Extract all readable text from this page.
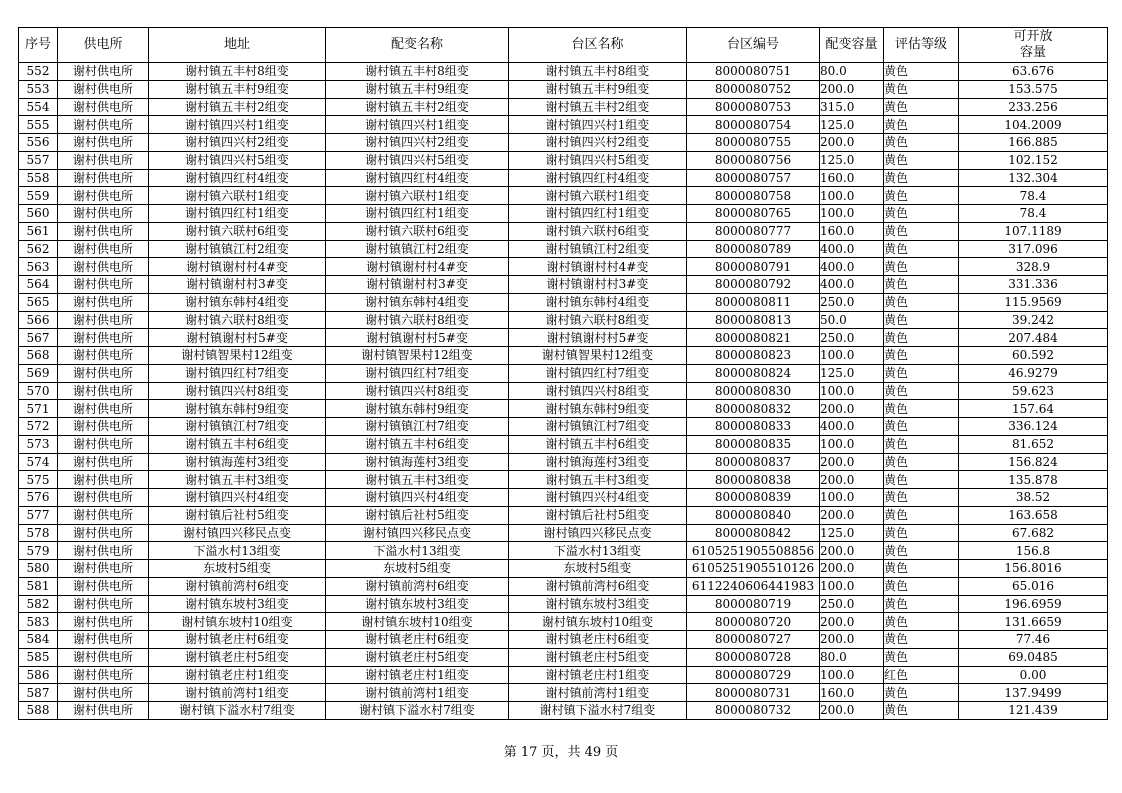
序号	供电所	地址	配变名称	台区名称	台区编号	配变容量	评估等级	可开放容量
552	谢村供电所	谢村镇五丰村8组变	谢村镇五丰村8组变	谢村镇五丰村8组变	8000080751	80.0	黄色	63.676
553	谢村供电所	谢村镇五丰村9组变	谢村镇五丰村9组变	谢村镇五丰村9组变	8000080752	200.0	黄色	153.575
554	谢村供电所	谢村镇五丰村2组变	谢村镇五丰村2组变	谢村镇五丰村2组变	8000080753	315.0	黄色	233.256
555	谢村供电所	谢村镇四兴村1组变	谢村镇四兴村1组变	谢村镇四兴村1组变	8000080754	125.0	黄色	104.2009
556	谢村供电所	谢村镇四兴村2组变	谢村镇四兴村2组变	谢村镇四兴村2组变	8000080755	200.0	黄色	166.885
557	谢村供电所	谢村镇四兴村5组变	谢村镇四兴村5组变	谢村镇四兴村5组变	8000080756	125.0	黄色	102.152
558	谢村供电所	谢村镇四红村4组变	谢村镇四红村4组变	谢村镇四红村4组变	8000080757	160.0	黄色	132.304
559	谢村供电所	谢村镇六联村1组变	谢村镇六联村1组变	谢村镇六联村1组变	8000080758	100.0	黄色	78.4
560	谢村供电所	谢村镇四红村1组变	谢村镇四红村1组变	谢村镇四红村1组变	8000080765	100.0	黄色	78.4
561	谢村供电所	谢村镇六联村6组变	谢村镇六联村6组变	谢村镇六联村6组变	8000080777	160.0	黄色	107.1189
562	谢村供电所	谢村镇镇江村2组变	谢村镇镇江村2组变	谢村镇镇江村2组变	8000080789	400.0	黄色	317.096
563	谢村供电所	谢村镇谢村村4#变	谢村镇谢村村4#变	谢村镇谢村村4#变	8000080791	400.0	黄色	328.9
564	谢村供电所	谢村镇谢村村3#变	谢村镇谢村村3#变	谢村镇谢村村3#变	8000080792	400.0	黄色	331.336
565	谢村供电所	谢村镇东韩村4组变	谢村镇东韩村4组变	谢村镇东韩村4组变	8000080811	250.0	黄色	115.9569
566	谢村供电所	谢村镇六联村8组变	谢村镇六联村8组变	谢村镇六联村8组变	8000080813	50.0	黄色	39.242
567	谢村供电所	谢村镇谢村村5#变	谢村镇谢村村5#变	谢村镇谢村村5#变	8000080821	250.0	黄色	207.484
568	谢村供电所	谢村镇智果村12组变	谢村镇智果村12组变	谢村镇智果村12组变	8000080823	100.0	黄色	60.592
569	谢村供电所	谢村镇四红村7组变	谢村镇四红村7组变	谢村镇四红村7组变	8000080824	125.0	黄色	46.9279
570	谢村供电所	谢村镇四兴村8组变	谢村镇四兴村8组变	谢村镇四兴村8组变	8000080830	100.0	黄色	59.623
571	谢村供电所	谢村镇东韩村9组变	谢村镇东韩村9组变	谢村镇东韩村9组变	8000080832	200.0	黄色	157.64
572	谢村供电所	谢村镇镇江村7组变	谢村镇镇江村7组变	谢村镇镇江村7组变	8000080833	400.0	黄色	336.124
573	谢村供电所	谢村镇五丰村6组变	谢村镇五丰村6组变	谢村镇五丰村6组变	8000080835	100.0	黄色	81.652
574	谢村供电所	谢村镇海莲村3组变	谢村镇海莲村3组变	谢村镇海莲村3组变	8000080837	200.0	黄色	156.824
575	谢村供电所	谢村镇五丰村3组变	谢村镇五丰村3组变	谢村镇五丰村3组变	8000080838	200.0	黄色	135.878
576	谢村供电所	谢村镇四兴村4组变	谢村镇四兴村4组变	谢村镇四兴村4组变	8000080839	100.0	黄色	38.52
577	谢村供电所	谢村镇后社村5组变	谢村镇后社村5组变	谢村镇后社村5组变	8000080840	200.0	黄色	163.658
578	谢村供电所	谢村镇四兴移民点变	谢村镇四兴移民点变	谢村镇四兴移民点变	8000080842	125.0	黄色	67.682
579	谢村供电所	下溢水村13组变	下溢水村13组变	下溢水村13组变	6105251905508856	200.0	黄色	156.8
580	谢村供电所	东坡村5组变	东坡村5组变	东坡村5组变	6105251905510126	200.0	黄色	156.8016
581	谢村供电所	谢村镇前湾村6组变	谢村镇前湾村6组变	谢村镇前湾村6组变	6112240606441983	100.0	黄色	65.016
582	谢村供电所	谢村镇东坡村3组变	谢村镇东坡村3组变	谢村镇东坡村3组变	8000080719	250.0	黄色	196.6959
583	谢村供电所	谢村镇东坡村10组变	谢村镇东坡村10组变	谢村镇东坡村10组变	8000080720	200.0	黄色	131.6659
584	谢村供电所	谢村镇老庄村6组变	谢村镇老庄村6组变	谢村镇老庄村6组变	8000080727	200.0	黄色	77.46
585	谢村供电所	谢村镇老庄村5组变	谢村镇老庄村5组变	谢村镇老庄村5组变	8000080728	80.0	黄色	69.0485
586	谢村供电所	谢村镇老庄村1组变	谢村镇老庄村1组变	谢村镇老庄村1组变	8000080729	100.0	红色	0.00
587	谢村供电所	谢村镇前湾村1组变	谢村镇前湾村1组变	谢村镇前湾村1组变	8000080731	160.0	黄色	137.9499
588	谢村供电所	谢村镇下溢水村7组变	谢村镇下溢水村7组变	谢村镇下溢水村7组变	8000080732	200.0	黄色	121.439
第 17 页，共 49 页
